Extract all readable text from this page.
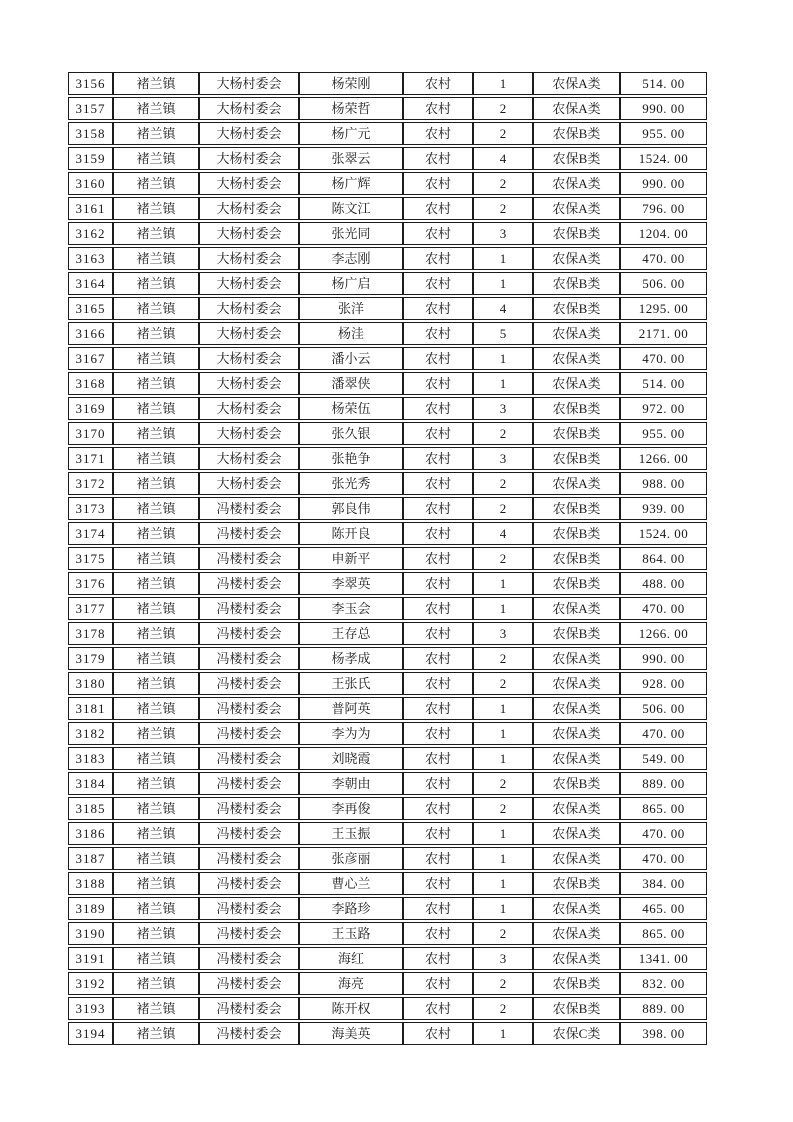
3156	褚兰镇	大杨村委会	杨荣刚	农村	1	农保A类	514. 00
3157	褚兰镇	大杨村委会	杨荣哲	农村	2	农保A类	990. 00
3158	褚兰镇	大杨村委会	杨广元	农村	2	农保B类	955. 00
3159	褚兰镇	大杨村委会	张翠云	农村	4	农保B类	1524. 00
3160	褚兰镇	大杨村委会	杨广辉	农村	2	农保A类	990. 00
3161	褚兰镇	大杨村委会	陈文江	农村	2	农保A类	796. 00
3162	褚兰镇	大杨村委会	张光同	农村	3	农保B类	1204. 00
3163	褚兰镇	大杨村委会	李志刚	农村	1	农保A类	470. 00
3164	褚兰镇	大杨村委会	杨广启	农村	1	农保B类	506. 00
3165	褚兰镇	大杨村委会	张洋	农村	4	农保B类	1295. 00
3166	褚兰镇	大杨村委会	杨洼	农村	5	农保A类	2171. 00
3167	褚兰镇	大杨村委会	潘小云	农村	1	农保A类	470. 00
3168	褚兰镇	大杨村委会	潘翠侠	农村	1	农保A类	514. 00
3169	褚兰镇	大杨村委会	杨荣伍	农村	3	农保B类	972. 00
3170	褚兰镇	大杨村委会	张久银	农村	2	农保B类	955. 00
3171	褚兰镇	大杨村委会	张艳争	农村	3	农保B类	1266. 00
3172	褚兰镇	大杨村委会	张光秀	农村	2	农保A类	988. 00
3173	褚兰镇	冯楼村委会	郭良伟	农村	2	农保B类	939. 00
3174	褚兰镇	冯楼村委会	陈开良	农村	4	农保B类	1524. 00
3175	褚兰镇	冯楼村委会	申新平	农村	2	农保B类	864. 00
3176	褚兰镇	冯楼村委会	李翠英	农村	1	农保B类	488. 00
3177	褚兰镇	冯楼村委会	李玉会	农村	1	农保A类	470. 00
3178	褚兰镇	冯楼村委会	王存总	农村	3	农保B类	1266. 00
3179	褚兰镇	冯楼村委会	杨孝成	农村	2	农保A类	990. 00
3180	褚兰镇	冯楼村委会	王张氏	农村	2	农保A类	928. 00
3181	褚兰镇	冯楼村委会	普阿英	农村	1	农保A类	506. 00
3182	褚兰镇	冯楼村委会	李为为	农村	1	农保A类	470. 00
3183	褚兰镇	冯楼村委会	刘晓霞	农村	1	农保A类	549. 00
3184	褚兰镇	冯楼村委会	李朝由	农村	2	农保B类	889. 00
3185	褚兰镇	冯楼村委会	李再俊	农村	2	农保A类	865. 00
3186	褚兰镇	冯楼村委会	王玉振	农村	1	农保A类	470. 00
3187	褚兰镇	冯楼村委会	张彦丽	农村	1	农保A类	470. 00
3188	褚兰镇	冯楼村委会	曹心兰	农村	1	农保B类	384. 00
3189	褚兰镇	冯楼村委会	李路珍	农村	1	农保A类	465. 00
3190	褚兰镇	冯楼村委会	王玉路	农村	2	农保A类	865. 00
3191	褚兰镇	冯楼村委会	海红	农村	3	农保A类	1341. 00
3192	褚兰镇	冯楼村委会	海亮	农村	2	农保B类	832. 00
3193	褚兰镇	冯楼村委会	陈开权	农村	2	农保B类	889. 00
3194	褚兰镇	冯楼村委会	海美英	农村	1	农保C类	398. 00
